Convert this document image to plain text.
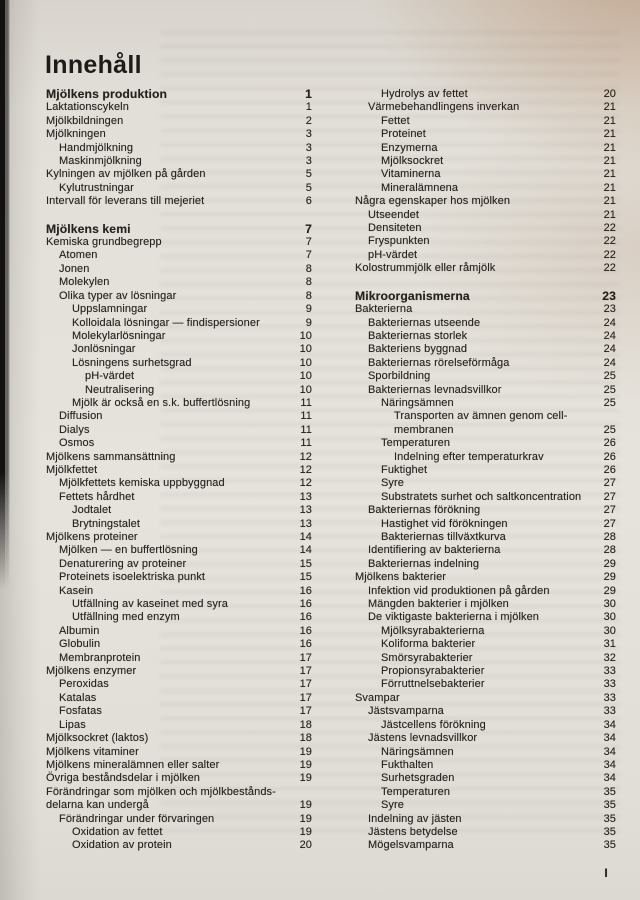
Innehåll
Mjölkens produktion	1
Laktationscykeln	1
Mjölkbildningen	2
Mjölkningen	3
Handmjölkning	3
Maskinmjölkning	3
Kylningen av mjölken på gården	5
Kylutrustningar	5
Intervall för leverans till mejeriet	6
Mjölkens kemi	7
Kemiska grundbegrepp	7
Atomen	7
Jonen	8
Molekylen	8
Olika typer av lösningar	8
Uppslamningar	9
Kolloidala lösningar — findispersioner	9
Molekylarlösningar	10
Jonlösningar	10
Lösningens surhetsgrad	10
pH-värdet	10
Neutralisering	10
Mjölk är också en s.k. buffertlösning	11
Diffusion	11
Dialys	11
Osmos	11
Mjölkens sammansättning	12
Mjölkfettet	12
Mjölkfettets kemiska uppbyggnad	12
Fettets hårdhet	13
Jodtalet	13
Brytningstalet	13
Mjölkens proteiner	14
Mjölken — en buffertlösning	14
Denaturering av proteiner	15
Proteinets isoelektriska punkt	15
Kasein	16
Utfällning av kaseinet med syra	16
Utfällning med enzym	16
Albumin	16
Globulin	16
Membranprotein	17
Mjölkens enzymer	17
Peroxidas	17
Katalas	17
Fosfatas	17
Lipas	18
Mjölksockret (laktos)	18
Mjölkens vitaminer	19
Mjölkens mineralämnen eller salter	19
Övriga beståndsdelar i mjölken	19
Förändringar som mjölken och mjölkbestånds-
delarna kan undergå	19
Förändringar under förvaringen	19
Oxidation av fettet	19
Oxidation av protein	20
Hydrolys av fettet	20
Värmebehandlingens inverkan	21
Fettet	21
Proteinet	21
Enzymerna	21
Mjölksockret	21
Vitaminerna	21
Mineralämnena	21
Några egenskaper hos mjölken	21
Utseendet	21
Densiteten	22
Fryspunkten	22
pH-värdet	22
Kolostrummjölk eller råmjölk	22
Mikroorganismerna	23
Bakterierna	23
Bakteriernas utseende	24
Bakteriernas storlek	24
Bakteriens byggnad	24
Bakteriernas rörelseförmåga	24
Sporbildning	25
Bakteriernas levnadsvillkor	25
Näringsämnen	25
Transporten av ämnen genom cell-
membranen	25
Temperaturen	26
Indelning efter temperaturkrav	26
Fuktighet	26
Syre	27
Substratets surhet och saltkoncentration	27
Bakteriernas förökning	27
Hastighet vid förökningen	27
Bakteriernas tillväxtkurva	28
Identifiering av bakterierna	28
Bakteriernas indelning	29
Mjölkens bakterier	29
Infektion vid produktionen på gården	29
Mängden bakterier i mjölken	30
De viktigaste bakterierna i mjölken	30
Mjölksyrabakterierna	30
Koliforma bakterier	31
Smörsyrabakterier	32
Propionsyrabakterier	33
Förruttnelsebakterier	33
Svampar	33
Jästsvamparna	33
Jästcellens förökning	34
Jästens levnadsvillkor	34
Näringsämnen	34
Fukthalten	34
Surhetsgraden	34
Temperaturen	35
Syre	35
Indelning av jästen	35
Jästens betydelse	35
Mögelsvamparna	35
I
